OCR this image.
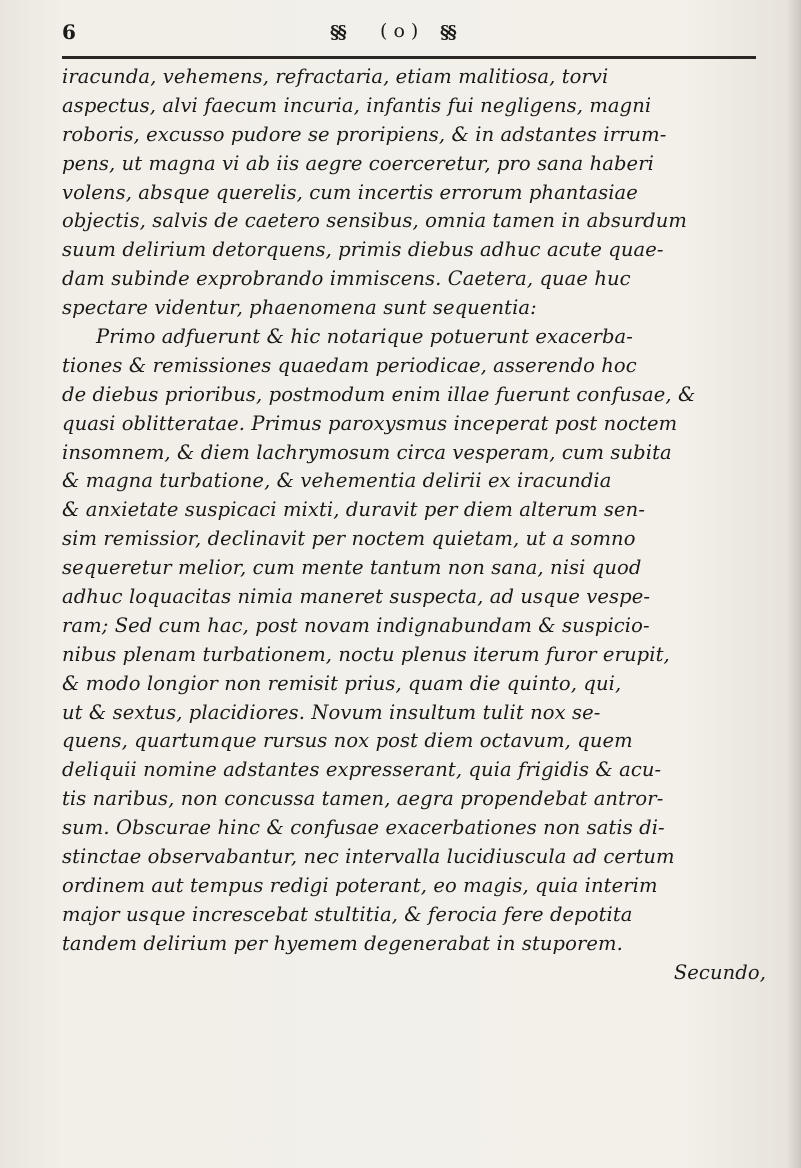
6	§§ ( o ) §§
iracunda, vehemens, refractaria, etiam malitiosa, torvi
aspectus, alvi faecum incuria, infantis fui negligens, magni
roboris, excusso pudore se proripiens, & in adstantes irrum-
pens, ut magna vi ab iis aegre coerceretur, pro sana haberi
volens, absque querelis, cum incertis errorum phantasiae
objectis, salvis de caetero sensibus, omnia tamen in absurdum
suum delirium detorquens, primis diebus adhuc acute quae-
dam subinde exprobrando immiscens. Caetera, quae huc
spectare videntur, phaenomena sunt sequentia:
Primo adfuerunt & hic notarique potuerunt exacerba-
tiones & remissiones quaedam periodicae, asserendo hoc
de diebus prioribus, postmodum enim illae fuerunt confusae, &
quasi oblitteratae. Primus paroxysmus inceperat post noctem
insomnem, & diem lachrymosum circa vesperam, cum subita
& magna turbatione, & vehementia delirii ex iracundia
& anxietate suspicaci mixti, duravit per diem alterum sen-
sim remissior, declinavit per noctem quietam, ut a somno
sequeretur melior, cum mente tantum non sana, nisi quod
adhuc loquacitas nimia maneret suspecta, ad usque vespe-
ram; Sed cum hac, post novam indignabundam & suspicio-
nibus plenam turbationem, noctu plenus iterum furor erupit,
& modo longior non remisit prius, quam die quinto, qui,
ut & sextus, placidiores. Novum insultum tulit nox se-
quens, quartumque rursus nox post diem octavum, quem
deliquii nomine adstantes expresserant, quia frigidis & acu-
tis naribus, non concussa tamen, aegra propendebat antror-
sum. Obscurae hinc & confusae exacerbationes non satis di-
stinctae observabantur, nec intervalla lucidiuscula ad certum
ordinem aut tempus redigi poterant, eo magis, quia interim
major usque increscebat stultitia, & ferocia fere depotita
tandem delirium per hyemem degenerabat in stuporem.
Secundo,
